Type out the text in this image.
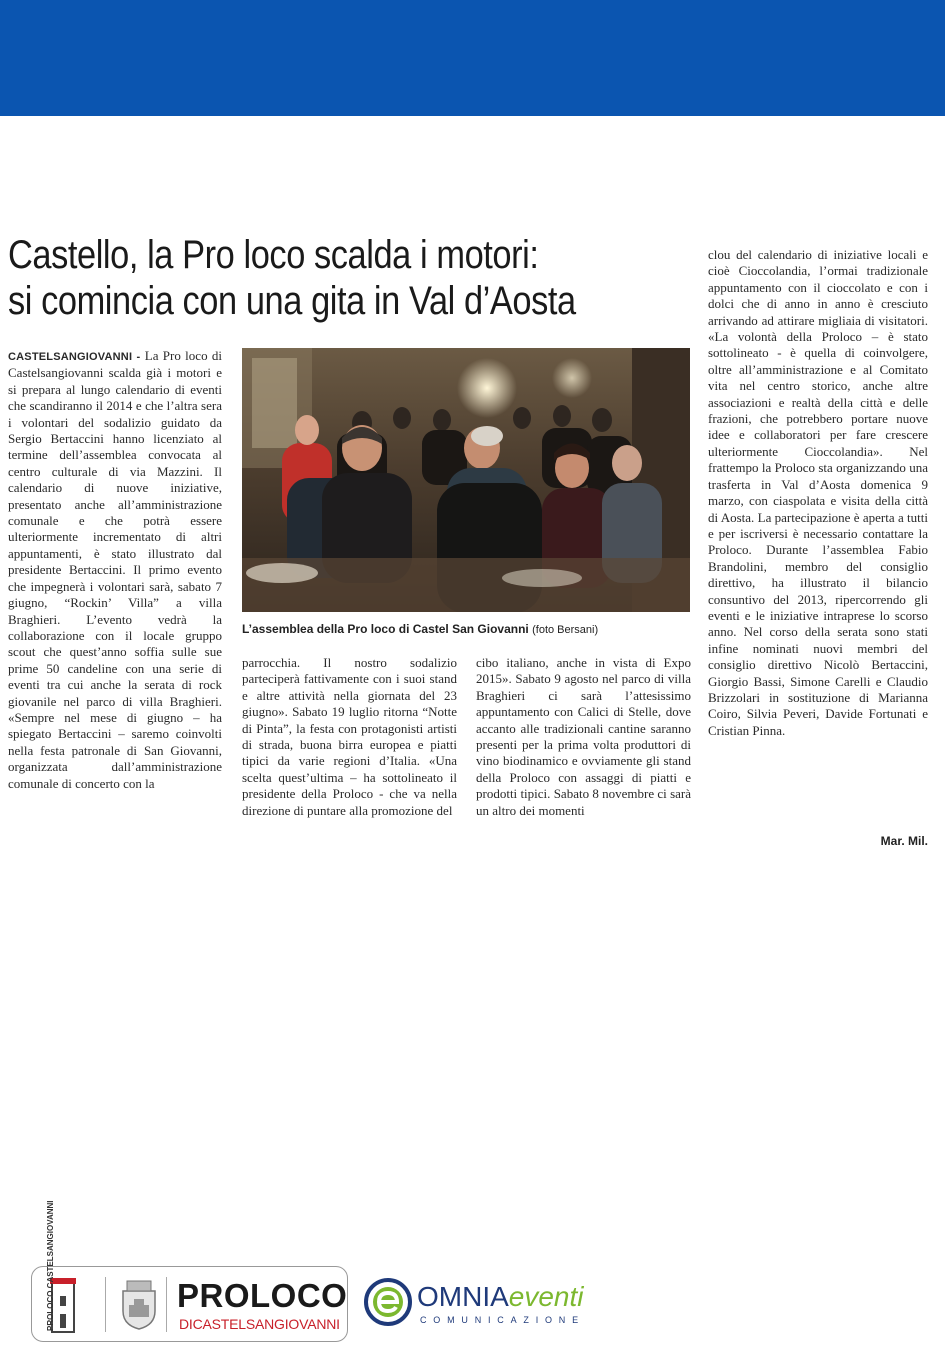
Castello, la Pro loco scalda i motori:
si comincia con una gita in Val d’Aosta

CASTELSANGIOVANNI - La Pro loco di Castelsangiovanni scalda già i motori e si prepara al lungo calendario di eventi che scandiranno il 2014 e che l’altra sera i volontari del sodalizio guidato da Sergio Bertaccini hanno licenziato al termine dell’assemblea convocata al centro culturale di via Mazzini. Il calendario di nuove iniziative, presentato anche all’amministrazione comunale e che potrà essere ulteriormente incrementato di altri appuntamenti, è stato illustrato dal presidente Bertaccini. Il primo evento che impegnerà i volontari sarà, sabato 7 giugno, “Rockin’ Villa” a villa Braghieri. L’evento vedrà la collaborazione con il locale gruppo scout che quest’anno soffia sulle sue prime 50 candeline con una serie di eventi tra cui anche la serata di rock giovanile nel parco di villa Braghieri. «Sempre nel mese di giugno – ha spiegato Bertaccini – saremo coinvolti nella festa patronale di San Giovanni, organizzata dall’amministrazione comunale di concerto con la

L’assemblea della Pro loco di Castel San Giovanni (foto Bersani)

parrocchia. Il nostro sodalizio parteciperà fattivamente con i suoi stand e altre attività nella giornata del 23 giugno». Sabato 19 luglio ritorna “Notte di Pinta”, la festa con protagonisti artisti di strada, buona birra europea e piatti tipici da varie regioni d’Italia. «Una scelta quest’ultima – ha sottolineato il presidente della Proloco - che va nella direzione di puntare alla promozione del

cibo italiano, anche in vista di Expo 2015». Sabato 9 agosto nel parco di villa Braghieri ci sarà l’attesissimo appuntamento con Calici di Stelle, dove accanto alle tradizionali cantine saranno presenti per la prima volta produttori di vino biodinamico e ovviamente gli stand della Proloco con assaggi di piatti e prodotti tipici. Sabato 8 novembre ci sarà un altro dei momenti

clou del calendario di iniziative locali e cioè Cioccolandia, l’ormai tradizionale appuntamento con il cioccolato e con i dolci che di anno in anno è cresciuto arrivando ad attirare migliaia di visitatori. «La volontà della Proloco – è stato sottolineato - è quella di coinvolgere, oltre all’amministrazione e al Comitato vita nel centro storico, anche altre associazioni e realtà della città e delle frazioni, che potrebbero portare nuove idee e collaboratori per fare crescere ulteriormente Cioccolandia». Nel frattempo la Proloco sta organizzando una trasferta in Val d’Aosta domenica 9 marzo, con ciaspolata e visita della città di Aosta. La partecipazione è aperta a tutti e per iscriversi è necessario contattare la Proloco. Durante l’assemblea Fabio Brandolini, membro del consiglio direttivo, ha illustrato il bilancio consuntivo del 2013, ripercorrendo gli eventi e le iniziative intraprese lo scorso anno. Nel corso della serata sono stati infine nominati nuovi membri del consiglio direttivo Nicolò Bertaccini, Giorgio Bassi, Simone Carelli e Claudio Brizzolari in sostituzione di Marianna Coiro, Silvia Peveri, Davide Fortunati e Cristian Pinna.

Mar. Mil.
PROLOCO CASTELSANGIOVANNI	PROLOCO
DICASTELSANGIOVANNI
OMNIAeventi
COMUNICAZIONE
